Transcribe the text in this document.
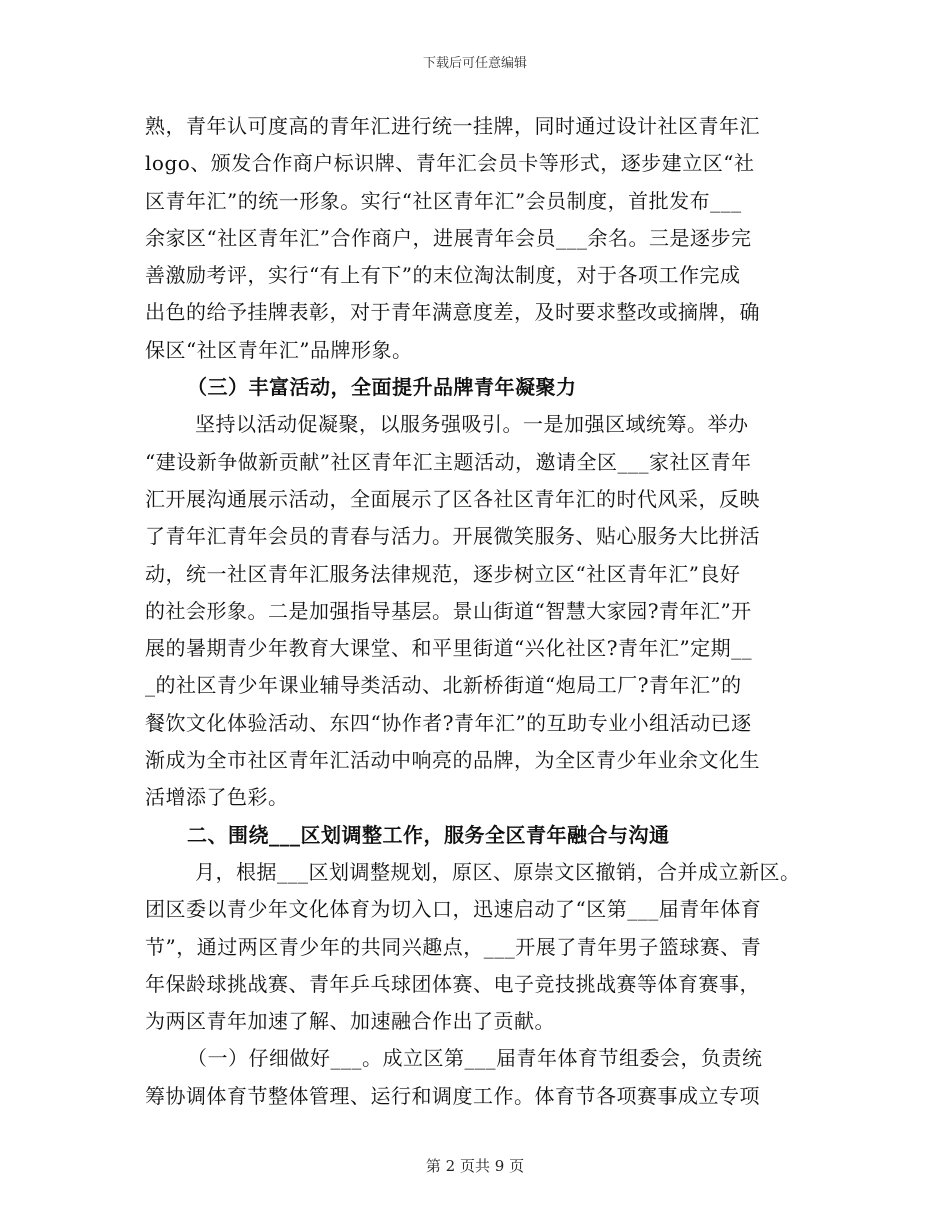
下载后可任意编辑
熟，青年认可度高的青年汇进行统一挂牌，同时通过设计社区青年汇
logo、颁发合作商户标识牌、青年汇会员卡等形式，逐步建立区“社
区青年汇”的统一形象。实行“社区青年汇”会员制度，首批发布___
余家区“社区青年汇”合作商户，进展青年会员___余名。三是逐步完
善激励考评，实行“有上有下”的末位淘汰制度，对于各项工作完成
出色的给予挂牌表彰，对于青年满意度差，及时要求整改或摘牌，确
保区“社区青年汇”品牌形象。
（三）丰富活动，全面提升品牌青年凝聚力
坚持以活动促凝聚，以服务强吸引。一是加强区域统筹。举办
“建设新争做新贡献”社区青年汇主题活动，邀请全区___家社区青年
汇开展沟通展示活动，全面展示了区各社区青年汇的时代风采，反映
了青年汇青年会员的青春与活力。开展微笑服务、贴心服务大比拼活
动，统一社区青年汇服务法律规范，逐步树立区“社区青年汇”良好
的社会形象。二是加强指导基层。景山街道“智慧大家园?青年汇”开
展的暑期青少年教育大课堂、和平里街道“兴化社区?青年汇”定期__
_的社区青少年课业辅导类活动、北新桥街道“炮局工厂?青年汇”的
餐饮文化体验活动、东四“协作者?青年汇”的互助专业小组活动已逐
渐成为全市社区青年汇活动中响亮的品牌，为全区青少年业余文化生
活增添了色彩。
二、围绕___区划调整工作，服务全区青年融合与沟通
月，根据___区划调整规划，原区、原崇文区撤销，合并成立新区。
团区委以青少年文化体育为切入口，迅速启动了“区第___届青年体育
节”，通过两区青少年的共同兴趣点，___开展了青年男子篮球赛、青
年保龄球挑战赛、青年乒乓球团体赛、电子竞技挑战赛等体育赛事，
为两区青年加速了解、加速融合作出了贡献。
（一）仔细做好___。成立区第___届青年体育节组委会，负责统
筹协调体育节整体管理、运行和调度工作。体育节各项赛事成立专项
第 2 页共 9 页
